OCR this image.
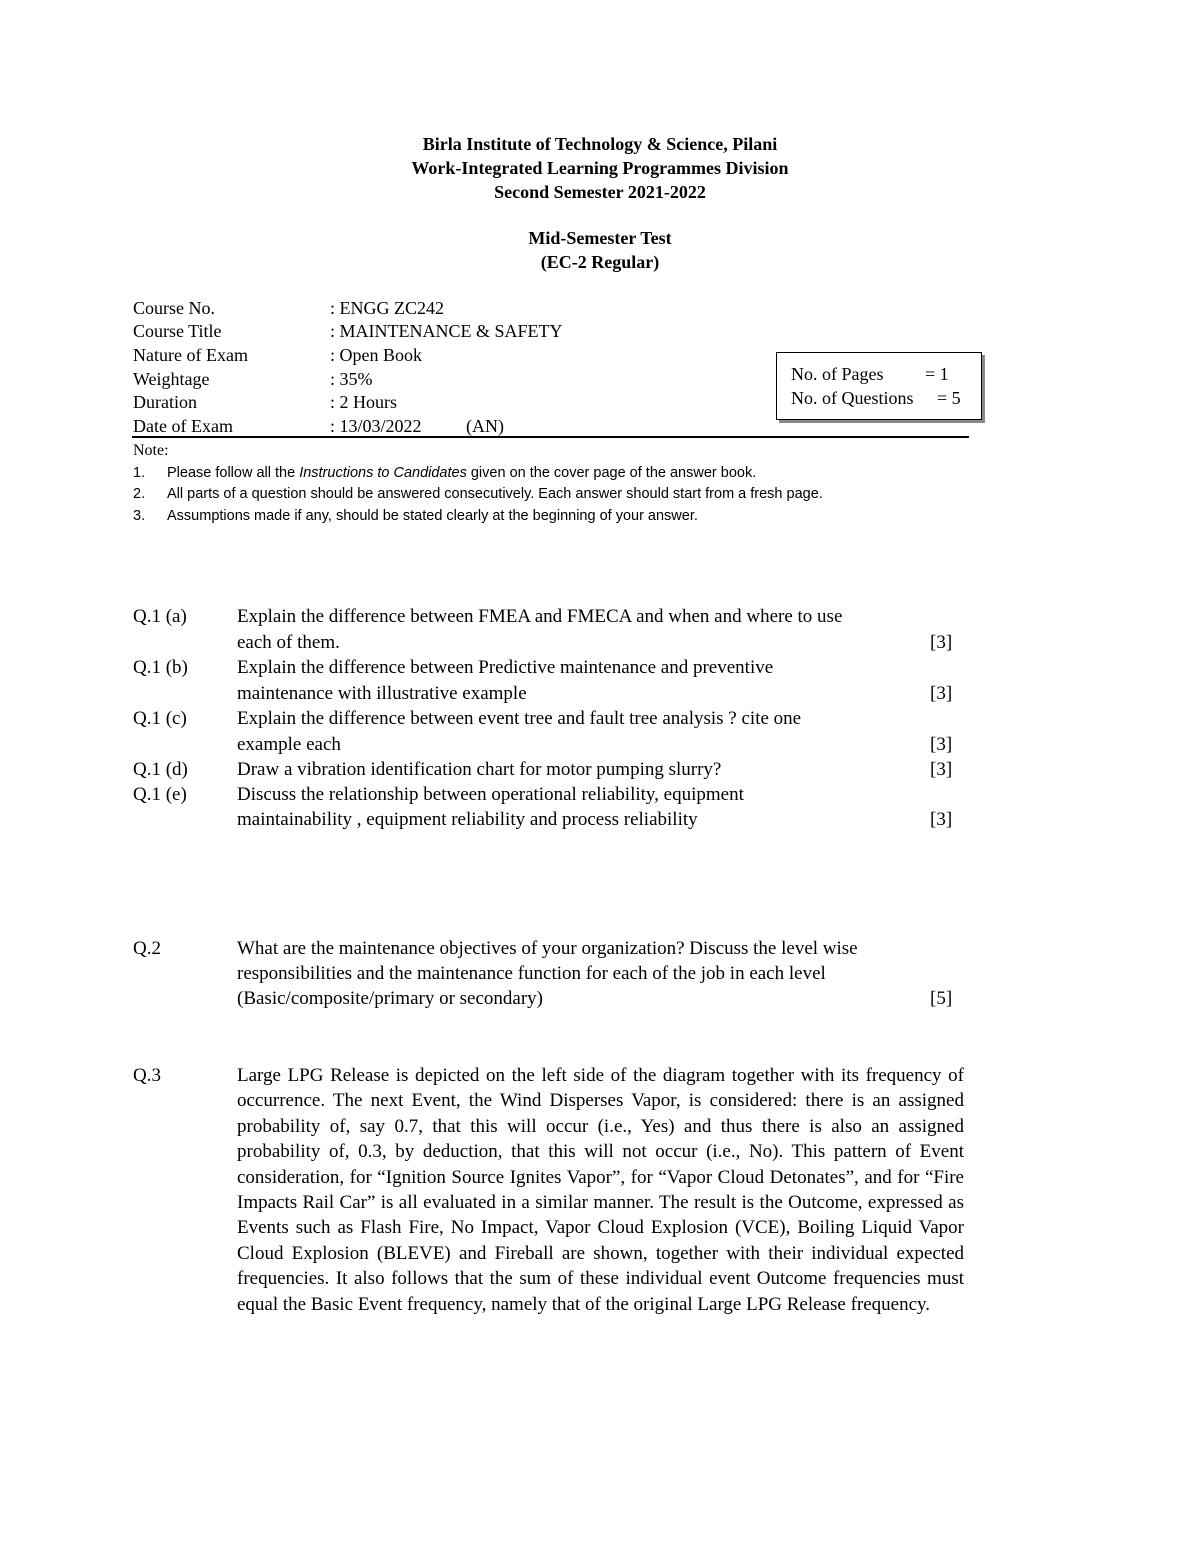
Birla Institute of Technology & Science, Pilani
Work-Integrated Learning Programmes Division
Second Semester 2021-2022
Mid-Semester Test
(EC-2 Regular)
Course No.	: ENGG ZC242
Course Title	: MAINTENANCE & SAFETY
Nature of Exam	: Open Book
Weightage	: 35%
Duration	: 2 Hours
Date of Exam	: 13/03/2022 (AN)
No. of Pages = 1
No. of Questions = 5
Note:
1. Please follow all the Instructions to Candidates given on the cover page of the answer book.
2. All parts of a question should be answered consecutively. Each answer should start from a fresh page.
3. Assumptions made if any, should be stated clearly at the beginning of your answer.
Q.1 (a)	Explain the difference between FMEA and FMECA and when and where to use
each of them.	[3]
Q.1 (b)	Explain the difference between Predictive maintenance and preventive
maintenance with illustrative example	[3]
Q.1 (c)	Explain the difference between event tree and fault tree analysis ? cite one
example each	[3]
Q.1 (d)	Draw a vibration identification chart for motor pumping slurry?	[3]
Q.1 (e)	Discuss the relationship between operational reliability, equipment
maintainability , equipment reliability and process reliability	[3]
Q.2	What are the maintenance objectives of your organization? Discuss the level wise
responsibilities and the maintenance function for each of the job in each level
(Basic/composite/primary or secondary)	[5]
Q.3	Large LPG Release is depicted on the left side of the diagram together with its frequency of occurrence. The next Event, the Wind Disperses Vapor, is considered: there is an assigned probability of, say 0.7, that this will occur (i.e., Yes) and thus there is also an assigned probability of, 0.3, by deduction, that this will not occur (i.e., No). This pattern of Event consideration, for “Ignition Source Ignites Vapor”, for “Vapor Cloud Detonates”, and for “Fire Impacts Rail Car” is all evaluated in a similar manner. The result is the Outcome, expressed as Events such as Flash Fire, No Impact, Vapor Cloud Explosion (VCE), Boiling Liquid Vapor Cloud Explosion (BLEVE) and Fireball are shown, together with their individual expected frequencies. It also follows that the sum of these individual event Outcome frequencies must equal the Basic Event frequency, namely that of the original Large LPG Release frequency.
